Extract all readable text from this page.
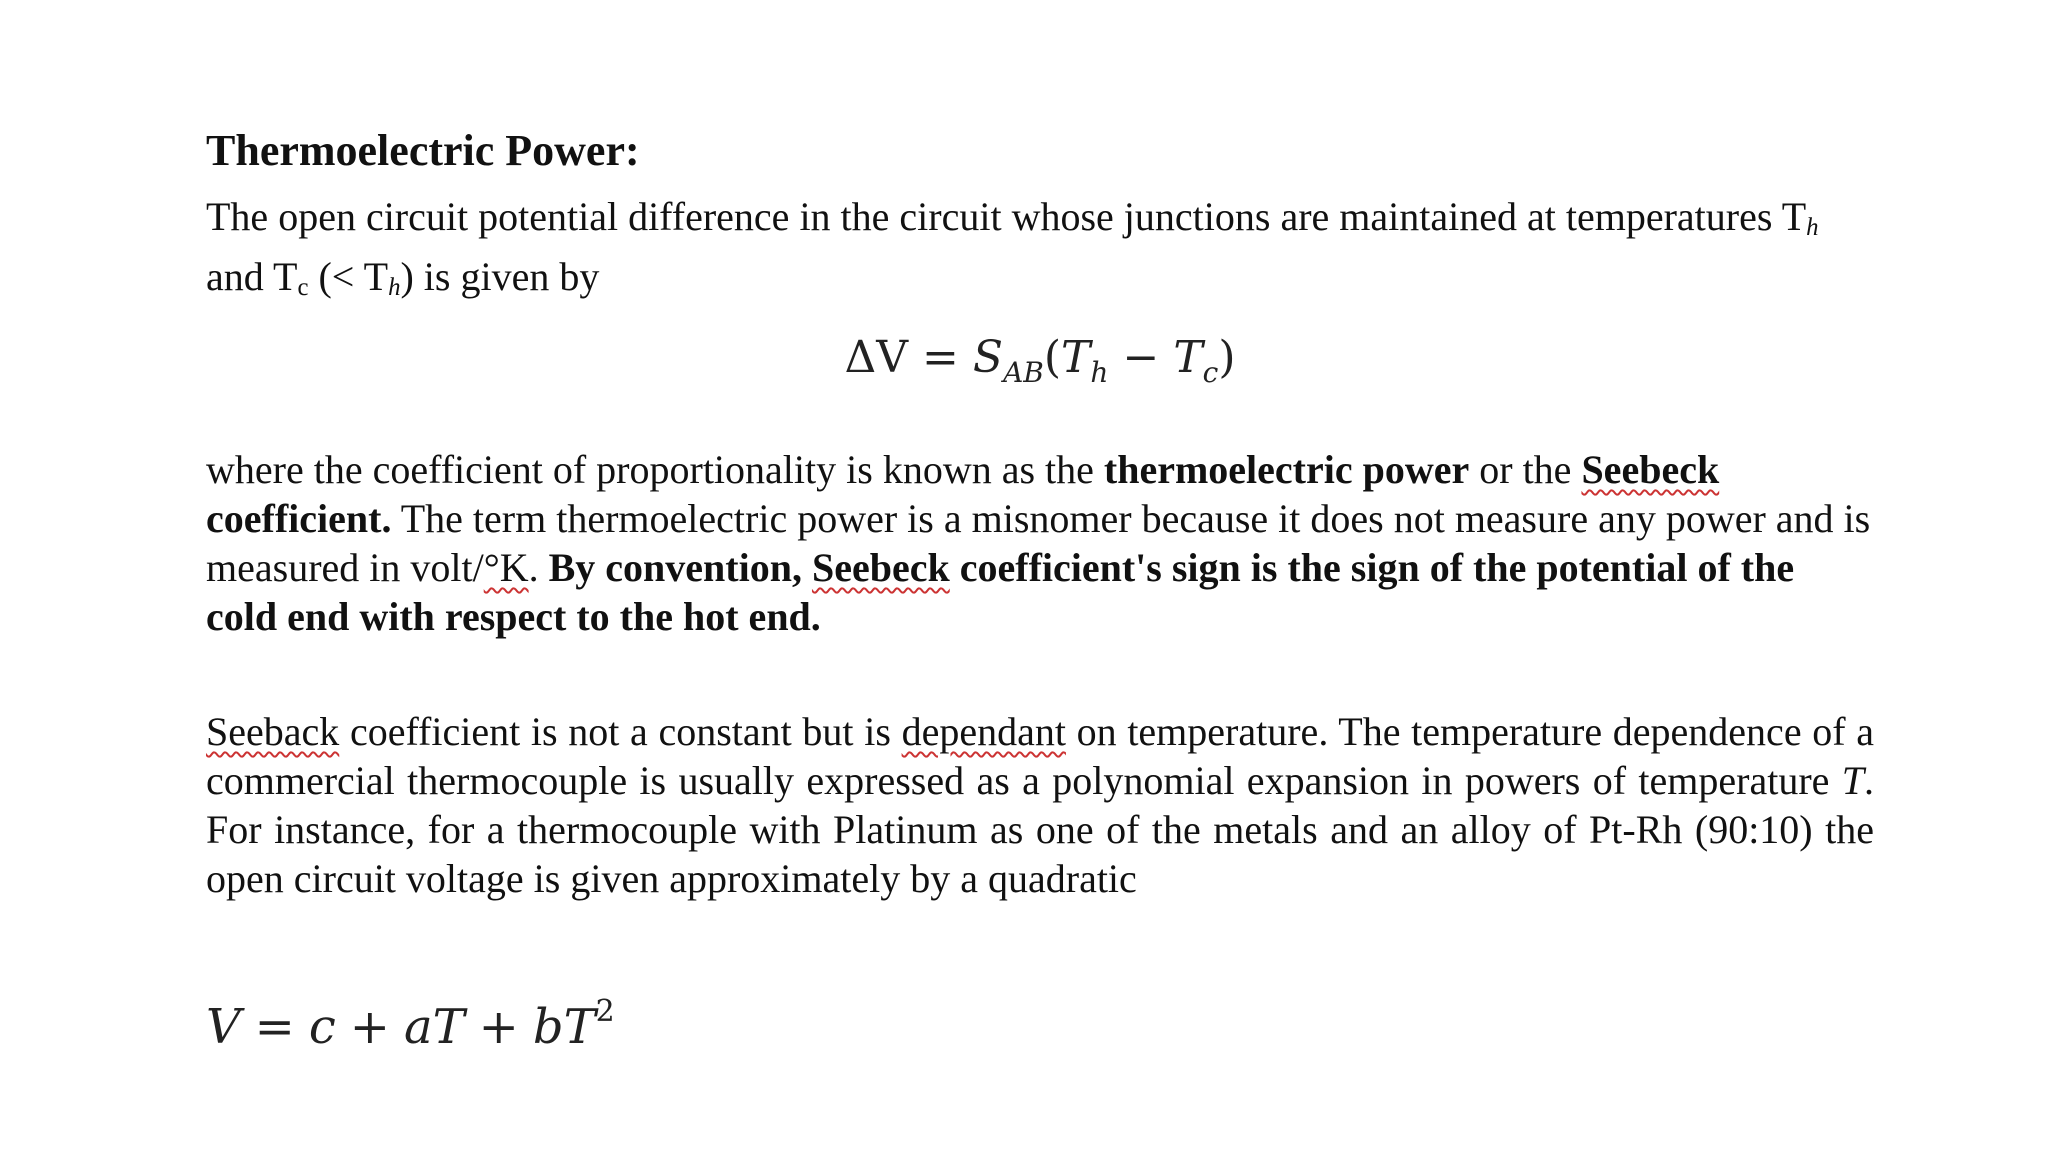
Thermoelectric Power:

The open circuit potential difference in the circuit whose junctions are maintained at temperatures Th and Tc (< Th) is given by

$\Delta V = S_{AB}(T_h - T_c)$

where the coefficient of proportionality is known as the thermoelectric power or the Seebeck coefficient. The term thermoelectric power is a misnomer because it does not measure any power and is measured in volt/°K. By convention, Seebeck coefficient's sign is the sign of the potential of the cold end with respect to the hot end.

Seeback coefficient is not a constant but is dependant on temperature. The temperature dependence of a commercial thermocouple is usually expressed as a polynomial expansion in powers of temperature T. For instance, for a thermocouple with Platinum as one of the metals and an alloy of Pt-Rh (90:10) the open circuit voltage is given approximately by a quadratic

V = c + aT + $bT^2$
